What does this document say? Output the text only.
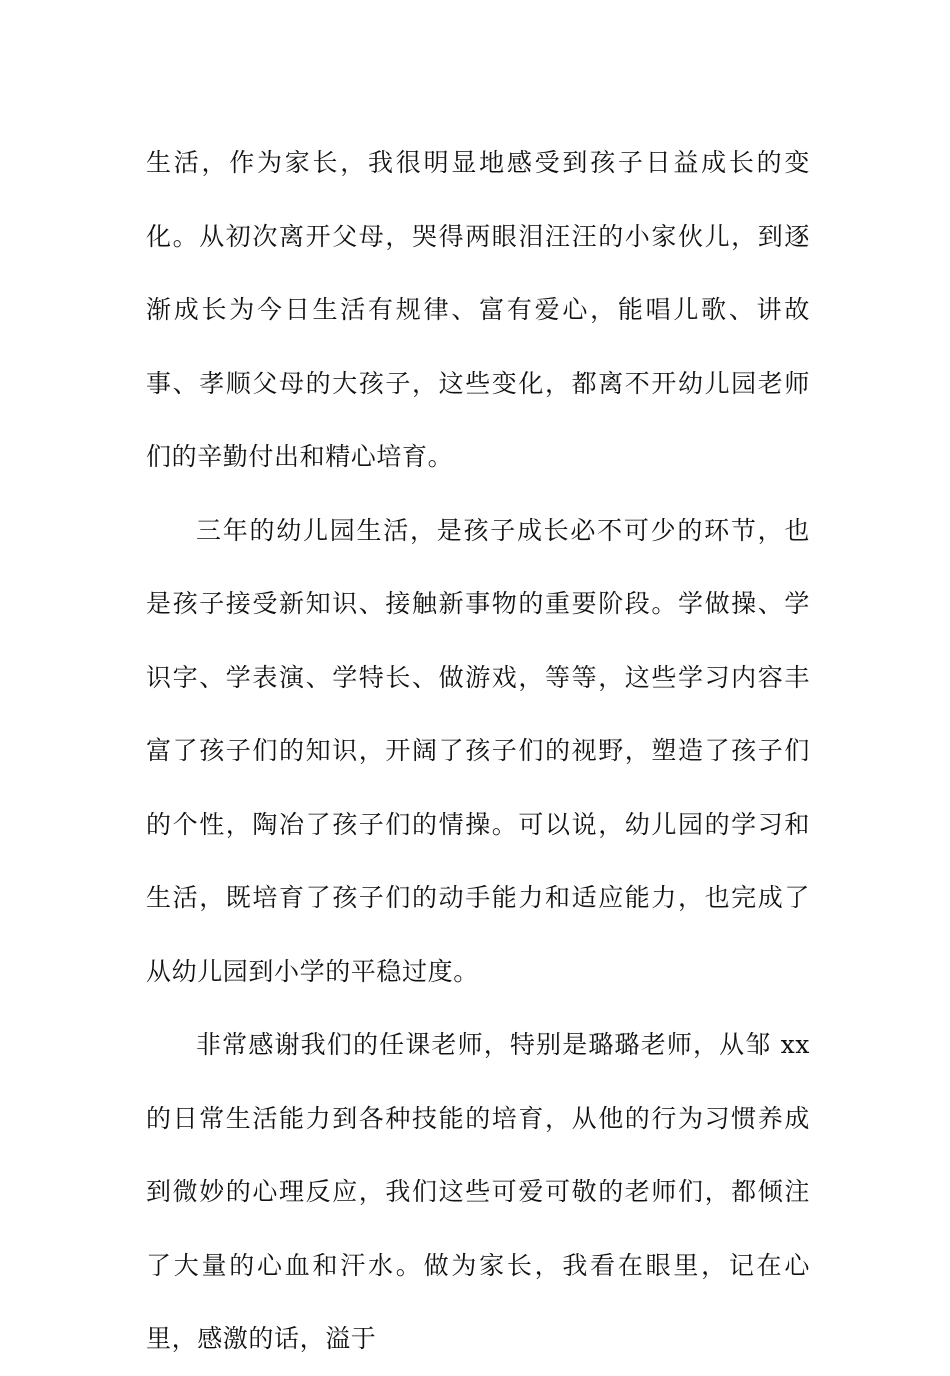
生活，作为家长，我很明显地感受到孩子日益成长的变化。从初次离开父母，哭得两眼泪汪汪的小家伙儿，到逐渐成长为今日生活有规律、富有爱心，能唱儿歌、讲故事、孝顺父母的大孩子，这些变化，都离不开幼儿园老师们的辛勤付出和精心培育。

三年的幼儿园生活，是孩子成长必不可少的环节，也是孩子接受新知识、接触新事物的重要阶段。学做操、学识字、学表演、学特长、做游戏，等等，这些学习内容丰富了孩子们的知识，开阔了孩子们的视野，塑造了孩子们的个性，陶冶了孩子们的情操。可以说，幼儿园的学习和生活，既培育了孩子们的动手能力和适应能力，也完成了从幼儿园到小学的平稳过度。

非常感谢我们的任课老师，特别是璐璐老师，从邹 xx 的日常生活能力到各种技能的培育，从他的行为习惯养成到微妙的心理反应，我们这些可爱可敬的老师们，都倾注了大量的心血和汗水。做为家长，我看在眼里，记在心里，感激的话，溢于
